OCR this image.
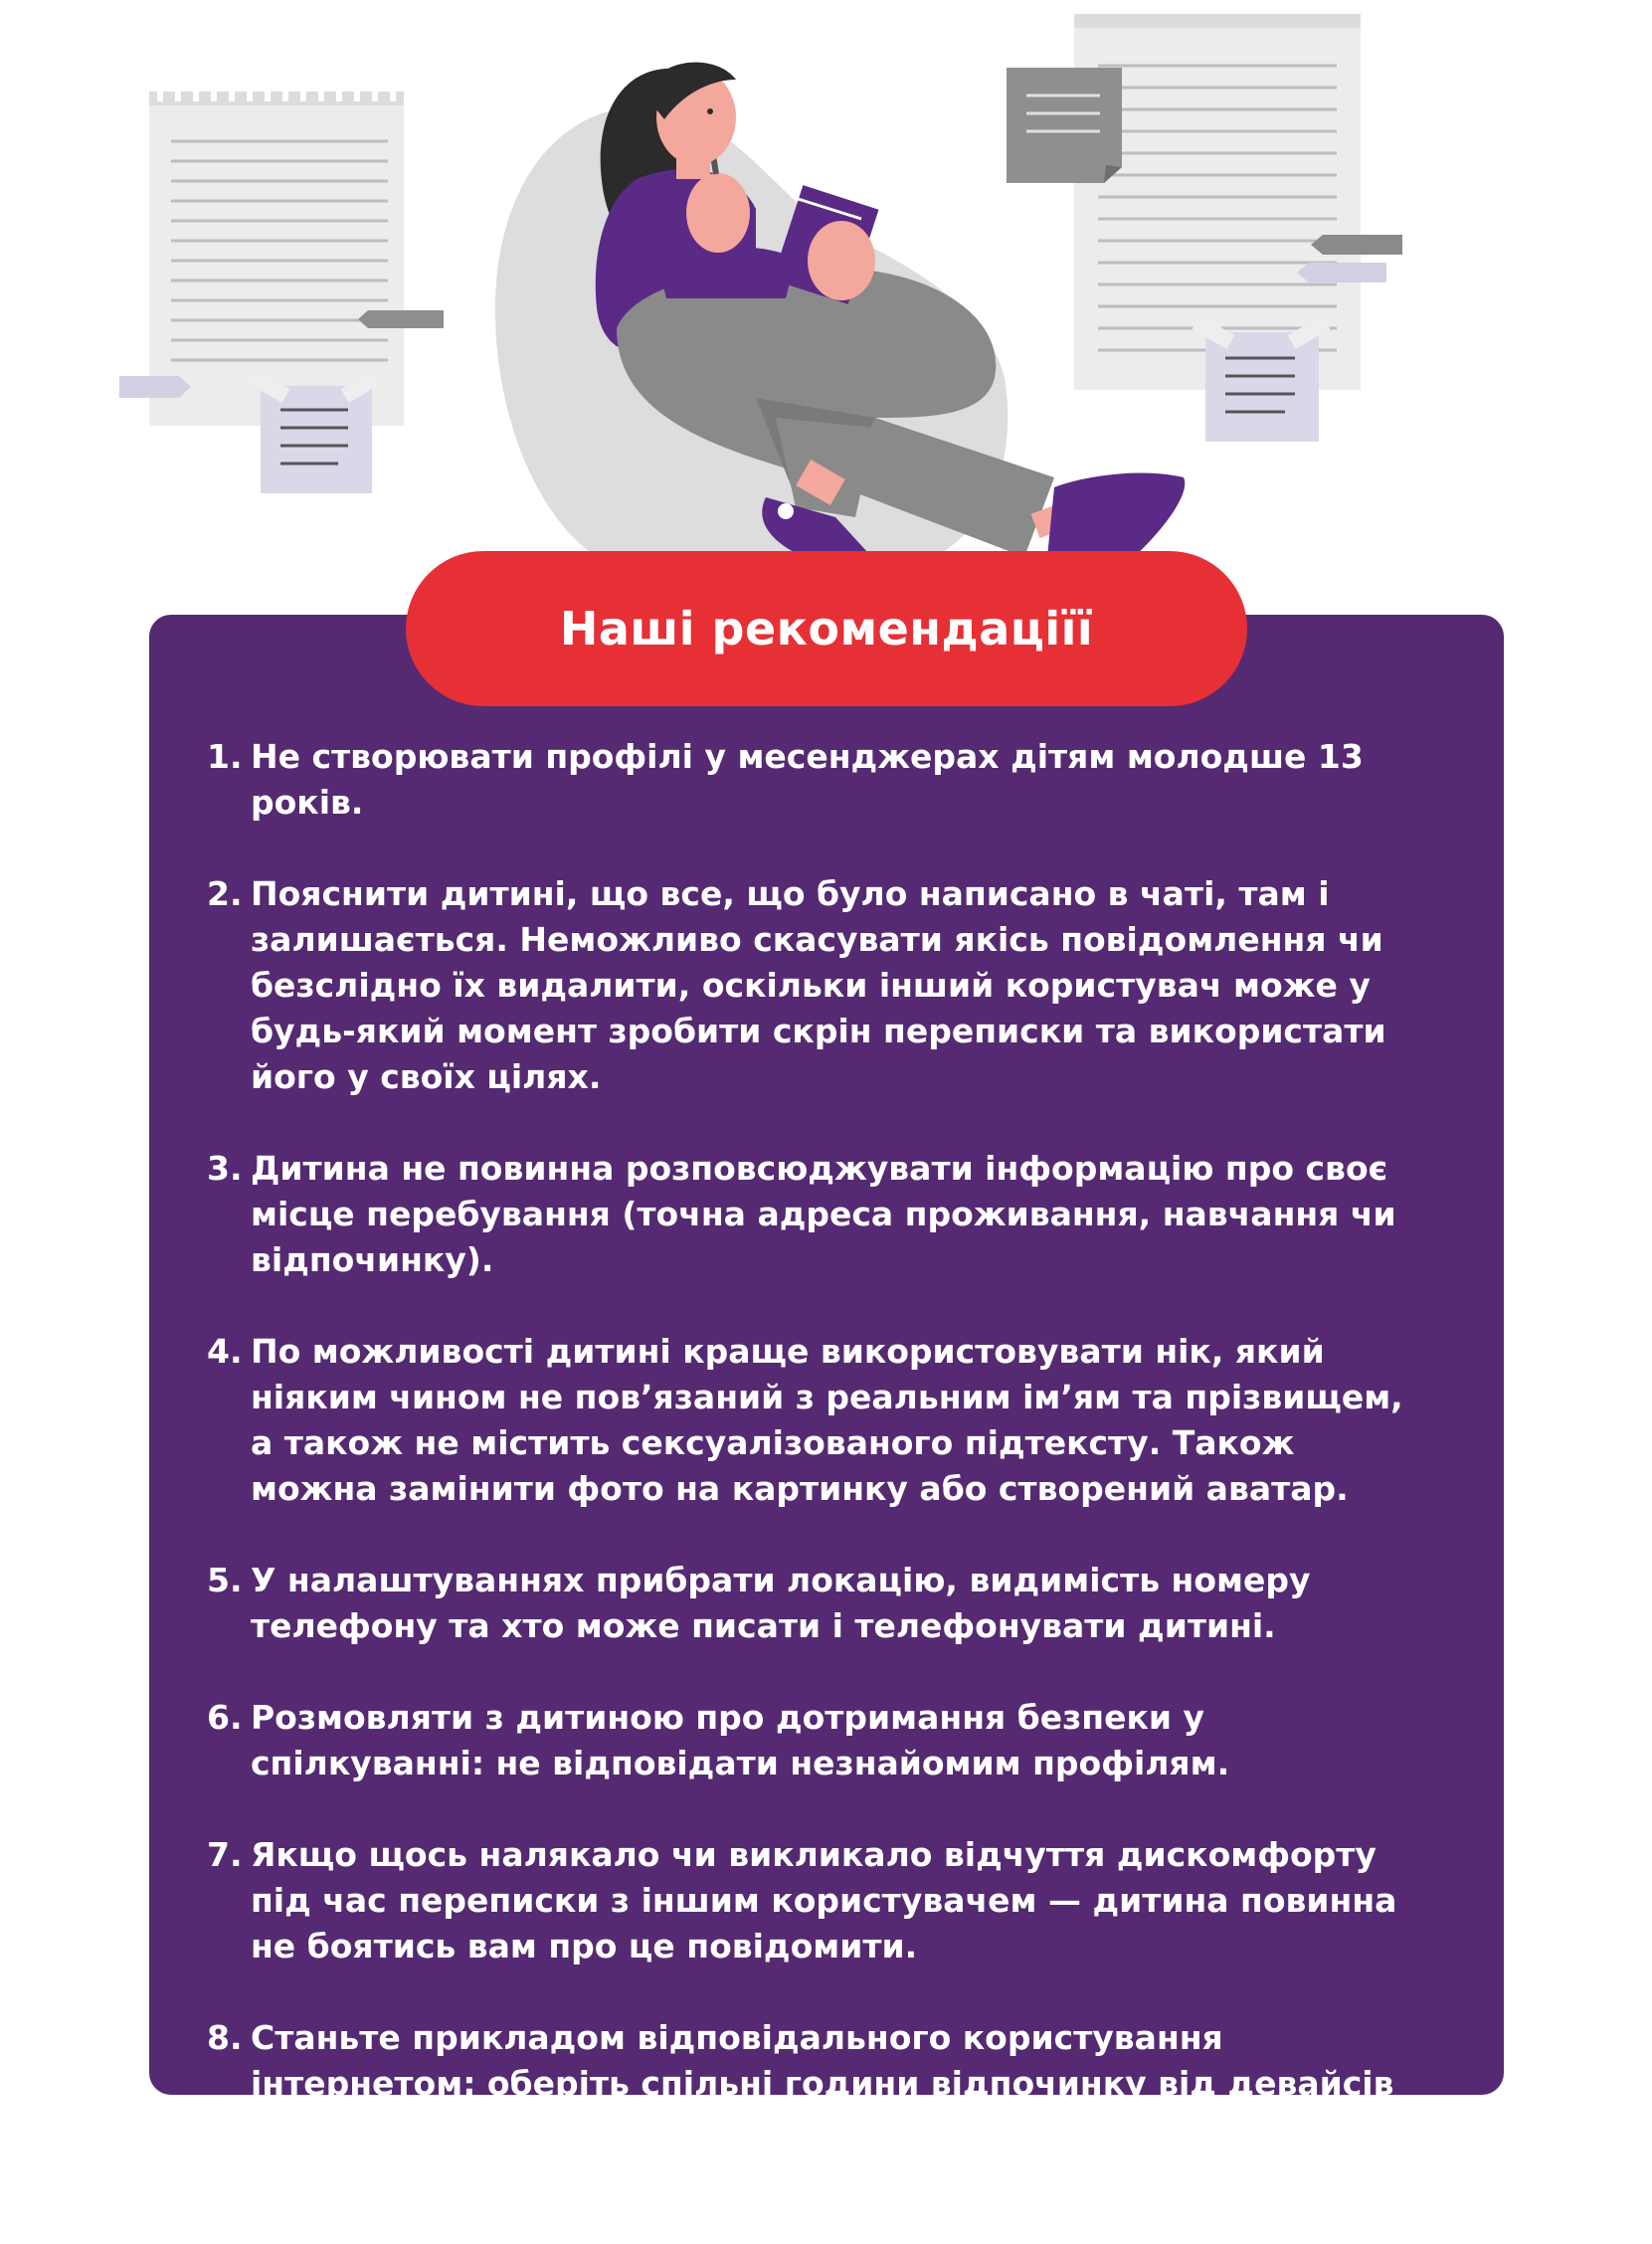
Наші рекомендаціїї
1. Не створювати профілі у месенджерах дітям молодше 13 років.
2. Пояснити дитині, що все, що було написано в чаті, там і залишається. Неможливо скасувати якісь повідомлення чи безслідно їх видалити, оскільки інший користувач може у будь-який момент зробити скрін переписки та використати його у своїх цілях.
3. Дитина не повинна розповсюджувати інформацію про своє місце перебування (точна адреса проживання, навчання чи відпочинку).
4. По можливості дитині краще використовувати нік, який ніяким чином не пов’язаний з реальним ім’ям та прізвищем, а також не містить сексуалізованого підтексту. Також можна замінити фото на картинку або створений аватар.
5. У налаштуваннях прибрати локацію, видимість номеру телефону та хто може писати і телефонувати дитині.
6. Розмовляти з дитиною про дотримання безпеки у спілкуванні: не відповідати незнайомим профілям.
7. Якщо щось налякало чи викликало відчуття дискомфорту під час переписки з іншим користувачем — дитина повинна не боятись вам про це повідомити.
8. Станьте прикладом відповідального користування інтернетом: оберіть спільні години відпочинку від девайсів та онлайн-середовища вдома, зробіть традицію приймання їжі без гаджетів.
